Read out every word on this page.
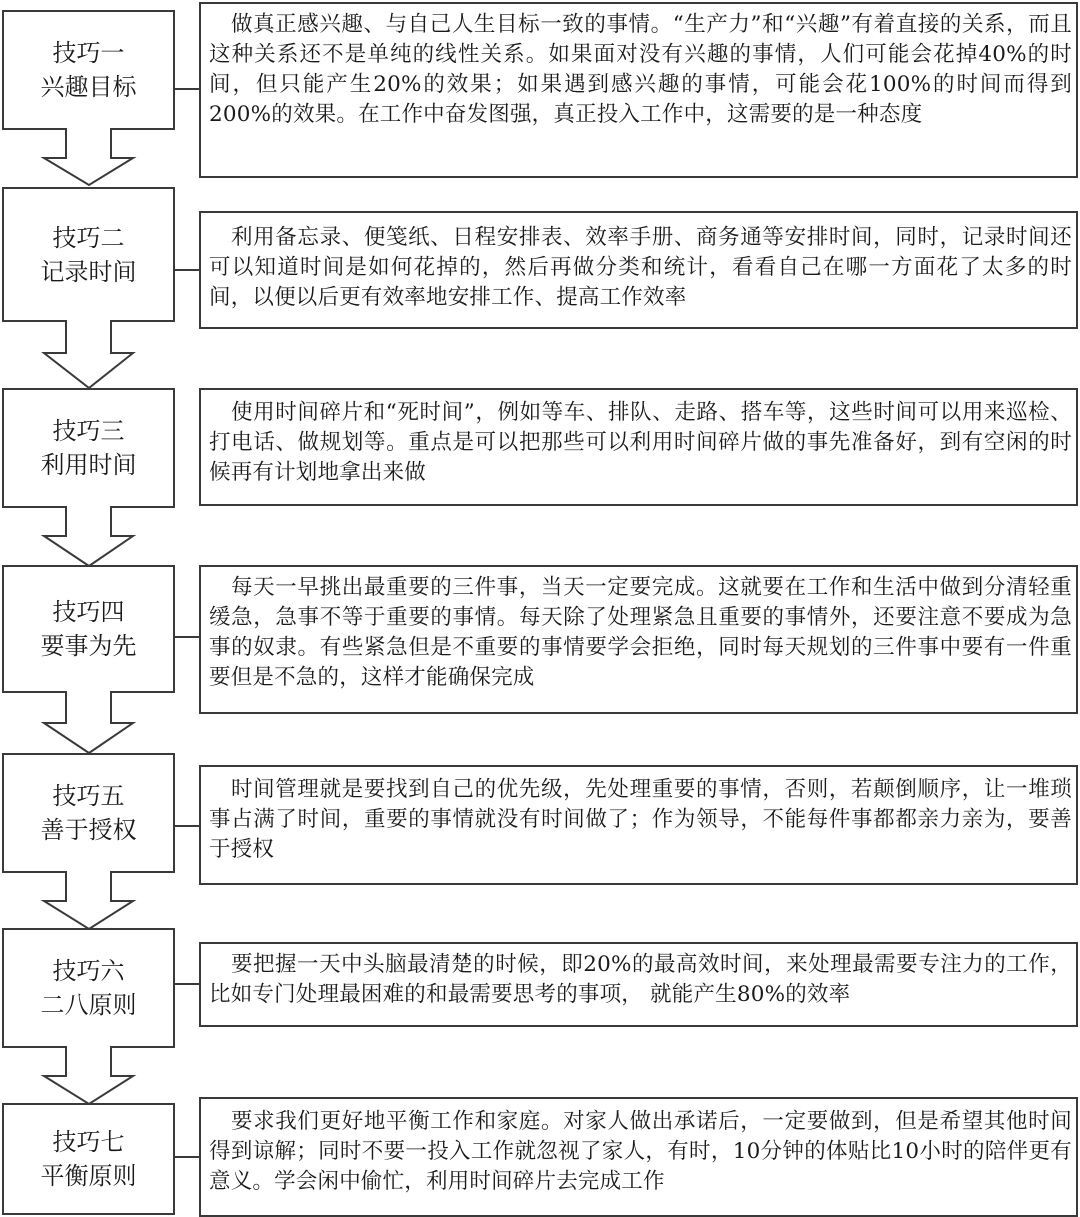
技巧一
兴趣目标
做真正感兴趣、与自己人生目标一致的事情。“生产力”和“兴趣”有着直接的关系，而且这种关系还不是单纯的线性关系。如果面对没有兴趣的事情，人们可能会花掉40%的时间，但只能产生20%的效果；如果遇到感兴趣的事情，可能会花100%的时间而得到200%的效果。在工作中奋发图强，真正投入工作中，这需要的是一种态度
技巧二
记录时间
利用备忘录、便笺纸、日程安排表、效率手册、商务通等安排时间，同时，记录时间还可以知道时间是如何花掉的，然后再做分类和统计，看看自己在哪一方面花了太多的时间，以便以后更有效率地安排工作、提高工作效率
技巧三
利用时间
使用时间碎片和“死时间”，例如等车、排队、走路、搭车等，这些时间可以用来巡检、打电话、做规划等。重点是可以把那些可以利用时间碎片做的事先准备好，到有空闲的时候再有计划地拿出来做
技巧四
要事为先
每天一早挑出最重要的三件事，当天一定要完成。这就要在工作和生活中做到分清轻重缓急，急事不等于重要的事情。每天除了处理紧急且重要的事情外，还要注意不要成为急事的奴隶。有些紧急但是不重要的事情要学会拒绝，同时每天规划的三件事中要有一件重要但是不急的，这样才能确保完成
技巧五
善于授权
时间管理就是要找到自己的优先级，先处理重要的事情，否则，若颠倒顺序，让一堆琐事占满了时间，重要的事情就没有时间做了；作为领导，不能每件事都都亲力亲为，要善于授权
技巧六
二八原则
要把握一天中头脑最清楚的时候，即20%的最高效时间，来处理最需要专注力的工作，比如专门处理最困难的和最需要思考的事项， 就能产生80%的效率
技巧七
平衡原则
要求我们更好地平衡工作和家庭。对家人做出承诺后，一定要做到，但是希望其他时间得到谅解；同时不要一投入工作就忽视了家人，有时，10分钟的体贴比10小时的陪伴更有意义。学会闲中偷忙，利用时间碎片去完成工作
